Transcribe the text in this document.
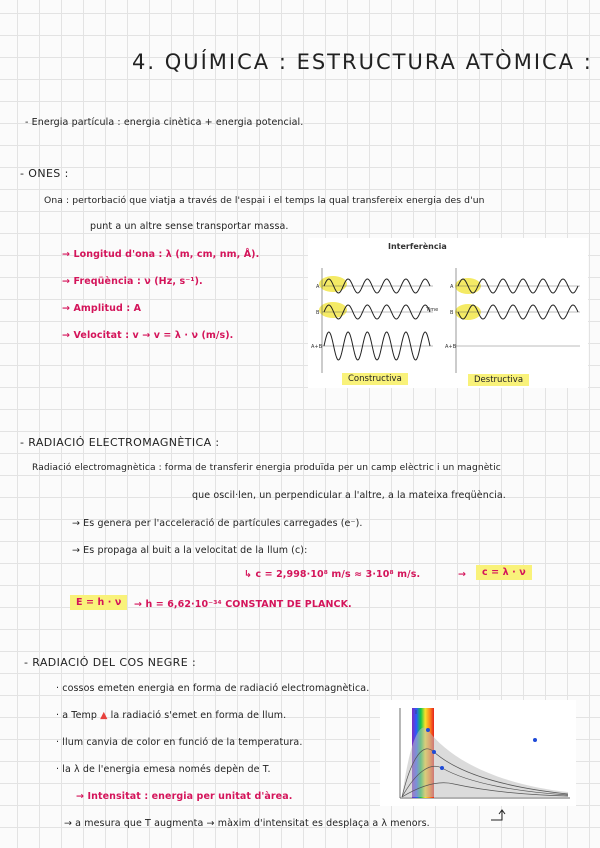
4. QUÍMICA : ESTRUCTURA ATÒMICA :
- Energia partícula : energia cinètica + energia potencial.
- ONES :
Ona : pertorbació que viatja a través de l'espai i el temps la qual transfereix energia des d'un
punt a un altre sense transportar massa.
→ Longitud d'ona : λ (m, cm, nm, Å).
→ Freqüència : ν (Hz, s⁻¹).
→ Amplitud : A
→ Velocitat : v → v = λ · ν (m/s).
Interferència
A
B
A+B
A
B
A+B
Time
Constructiva	Destructiva
- RADIACIÓ ELECTROMAGNÈTICA :
Radiació electromagnètica : forma de transferir energia produïda per un camp elèctric i un magnètic
que oscil·len, un perpendicular a l'altre, a la mateixa freqüència.
→ Es genera per l'acceleració de partícules carregades (e⁻).
→ Es propaga al buit a la velocitat de la llum (c):
↳ c = 2,998·10⁸ m/s ≈ 3·10⁸ m/s.	→	c = λ · ν
E = h · ν	→ h = 6,62·10⁻³⁴ CONSTANT DE PLANCK.
- RADIACIÓ DEL COS NEGRE :
· cossos emeten energia en forma de radiació electromagnètica.
· a Temp ▲ la radiació s'emet en forma de llum.
· llum canvia de color en funció de la temperatura.
· la λ de l'energia emesa només depèn de T.
→ Intensitat : energia per unitat d'àrea.
→ a mesura que T augmenta → màxim d'intensitat es desplaça a λ menors.
